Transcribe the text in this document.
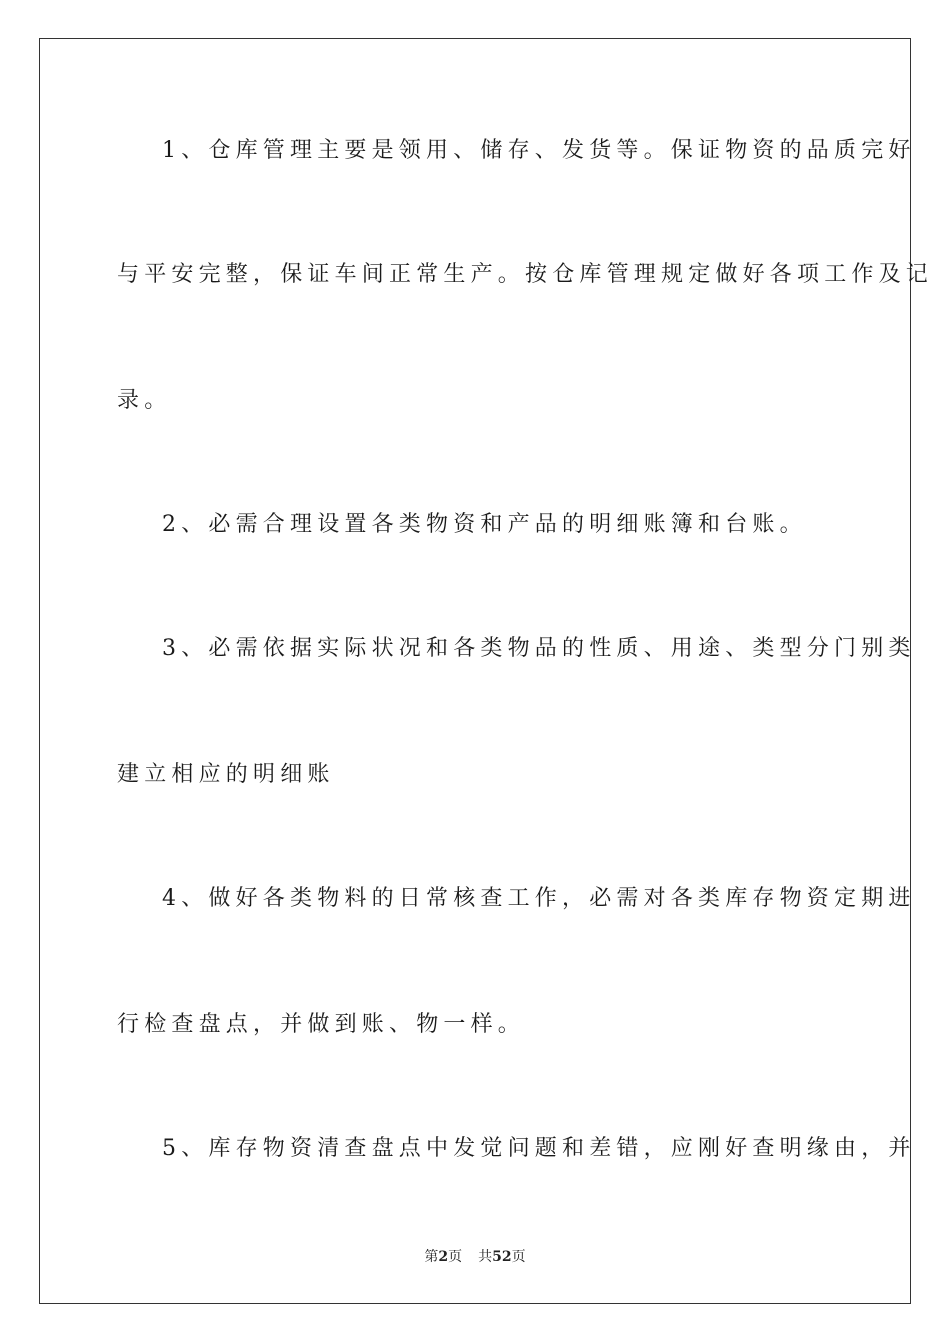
1、仓库管理主要是领用、储存、发货等。保证物资的品质完好
与平安完整，保证车间正常生产。按仓库管理规定做好各项工作及记
录。
2、必需合理设置各类物资和产品的明细账簿和台账。
3、必需依据实际状况和各类物品的性质、用途、类型分门别类
建立相应的明细账
4、做好各类物料的日常核查工作，必需对各类库存物资定期进
行检查盘点，并做到账、物一样。
5、库存物资清查盘点中发觉问题和差错，应刚好查明缘由，并
第2页 共52页
